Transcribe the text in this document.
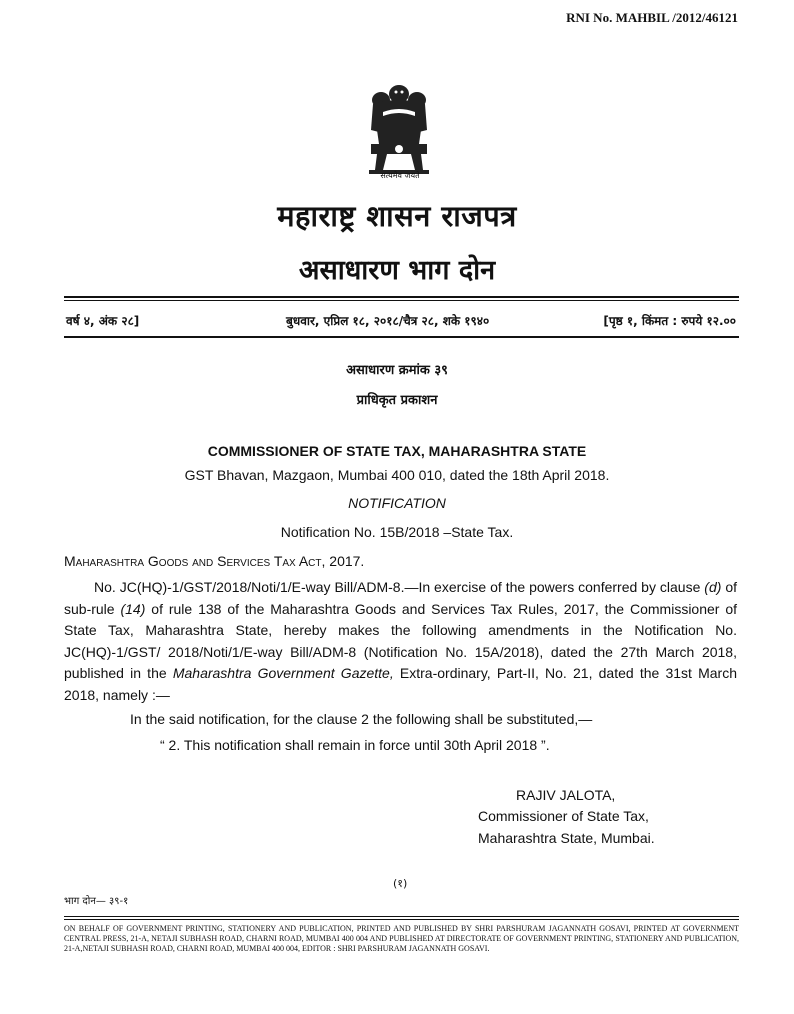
RNI No. MAHBIL /2012/46121
सत्यमेव जयते
महाराष्ट्र शासन राजपत्र
असाधारण भाग दोन
वर्ष ४, अंक २८]	बुधवार, एप्रिल १८, २०१८/चैत्र २८, शके १९४०	[पृष्ठ १, किंमत : रुपये १२.००
असाधारण क्रमांक ३९
प्राधिकृत प्रकाशन
COMMISSIONER OF STATE TAX, MAHARASHTRA STATE
GST Bhavan, Mazgaon, Mumbai 400 010, dated the 18th April 2018.
NOTIFICATION
Notification No. 15B/2018 –State Tax.
Maharashtra Goods and Services Tax Act, 2017.

No. JC(HQ)-1/GST/2018/Noti/1/E-way Bill/ADM-8.—In exercise of the powers conferred by clause (d) of sub-rule (14) of rule 138 of the Maharashtra Goods and Services Tax Rules, 2017, the Commissioner of State Tax, Maharashtra State, hereby makes the following amendments in the Notification No. JC(HQ)-1/GST/ 2018/Noti/1/E-way Bill/ADM-8 (Notification No. 15A/2018), dated the 27th March 2018, published in the Maharashtra Government Gazette, Extra-ordinary, Part-II, No. 21, dated the 31st March 2018, namely :—

In the said notification, for the clause 2 the following shall be substituted,—
“ 2. This notification shall remain in force until 30th April 2018 ”.
RAJIV JALOTA,
Commissioner of State Tax,
Maharashtra State, Mumbai.
(१)
भाग दोन— ३९-१

ON BEHALF OF GOVERNMENT PRINTING, STATIONERY AND PUBLICATION, PRINTED AND PUBLISHED BY SHRI PARSHURAM JAGANNATH GOSAVI, PRINTED AT GOVERNMENT CENTRAL PRESS, 21-A, NETAJI SUBHASH ROAD, CHARNI ROAD, MUMBAI 400 004 AND PUBLISHED AT DIRECTORATE OF GOVERNMENT PRINTING, STATIONERY AND PUBLICATION, 21-A,NETAJI SUBHASH ROAD, CHARNI ROAD, MUMBAI 400 004, EDITOR : SHRI PARSHURAM JAGANNATH GOSAVI.
